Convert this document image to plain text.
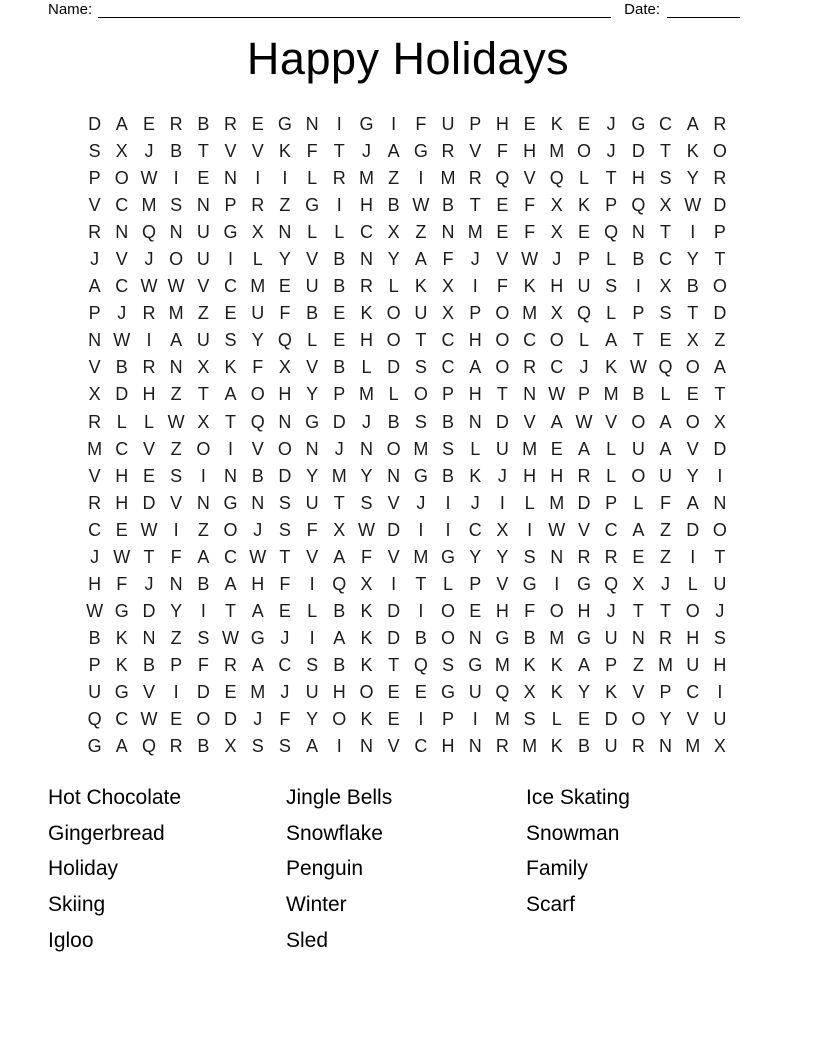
Name:	Date:
Happy Holidays
D A E R B R E G N	I G I	F U P H E K E J G C A R
S X J B T V V K F T J A G R V F H M O J D T K O
P O W I	E N	I	I	L R M Z	I M R Q V Q L T H S Y R
V C M S N P R Z G I	H B W B T E F X K P Q X W D
R N Q N U G X N L L C X Z N M E F X E Q N T	I	P
J V J O U	I	L Y V B N Y A F J V W J P L B C Y T
A C W W V C M E U B R L K X	I	F K H U S	I	X B O
P J R M Z E U F B E K O U X P O M X Q L P S T D
N W I	A U S Y Q L E H O T C H O C O L A T E X Z
V B R N X K F X V B L D S C A O R C J K W Q O A
X D H Z T A O H Y P M L O P H T N W P M B L E T
R L L W X T Q N G D J B S B N D V A W V O A O X
M C V Z O I	V O N J N O M S L U M E A L U A V D
V H E S	I	N B D Y M Y N G B K J H H R L O U Y	I
R H D V N G N S U T S V J	I	J	I	L M D P L F A N
C E W I	Z O J S F X W D	I	I	C X	I W V C A Z D O
J W T F A C W T V A F V M G Y Y S N R R E Z	I	T
H F J N B A H F	I Q X	I	T L P V G I G Q X J L U
W G D Y	I	T A E L B K D	I O E H F O H J T T O J
B K N Z S W G J	I	A K D B O N G B M G U N R H S
P K B P F R A C S B K T Q S G M K K A P Z M U H
U G V	I	D E M J U H O E E G U Q X K Y K V P C	I
Q C W E O D J F Y O K E	I	P	I M S L E D O Y V U
G A Q R B X S S A	I	N V C H N R M K B U R N M X
Hot Chocolate
Gingerbread
Holiday
Skiing
Igloo
Jingle Bells
Snowflake
Penguin
Winter
Sled
Ice Skating
Snowman
Family
Scarf
